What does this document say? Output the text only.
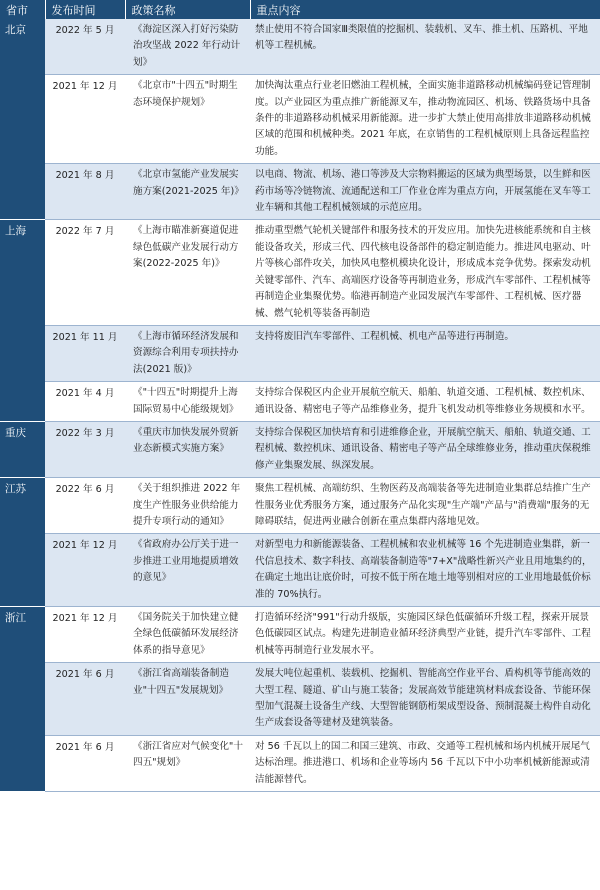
省市	发布时间	政策名称	重点内容
北京	2022 年 5 月	《海淀区深入打好污染防治攻坚战 2022 年行动计划》	禁止使用不符合国家Ⅲ类限值的挖掘机、装载机、叉车、推土机、压路机、平地机等工程机械。
	2021 年 12 月	《北京市"十四五"时期生态环境保护规划》	加快淘汰重点行业老旧燃油工程机械，全面实施非道路移动机械编码登记管理制度。以产业园区为重点推广新能源叉车，推动物流园区、机场、铁路货场中具备条件的非道路移动机械采用新能源。进一步扩大禁止使用高排放非道路移动机械区域的范围和机械种类。2021 年底，在京销售的工程机械原则上具备远程监控功能。
	2021 年 8 月	《北京市氢能产业发展实施方案(2021-2025 年)》	以电商、物流、机场、港口等涉及大宗物料搬运的区域为典型场景，以生鲜和医药市场等冷链物流、流通配送和工厂作业仓库为重点方向，开展氢能在叉车等工业车辆和其他工程机械领域的示范应用。
上海	2022 年 7 月	《上海市瞄准新赛道促进绿色低碳产业发展行动方案(2022-2025 年)》	推动重型燃气轮机关键部件和服务技术的开发应用。加快先进核能系统和自主核能设备攻关，形成三代、四代核电设备部件的稳定制造能力。推进风电驱动、叶片等核心部件攻关，加快风电整机模块化设计，形成成本竞争优势。探索发动机关键零部件、汽车、高端医疗设备等再制造业务，形成汽车零部件、工程机械等再制造企业集聚优势。临港再制造产业园发展汽车零部件、工程机械、医疗器械、燃气轮机等装备再制造
	2021 年 11 月	《上海市循环经济发展和资源综合利用专项扶持办法(2021 版)》	支持将废旧汽车零部件、工程机械、机电产品等进行再制造。
	2021 年 4 月	《"十四五"时期提升上海国际贸易中心能级规划》	支持综合保税区内企业开展航空航天、船舶、轨道交通、工程机械、数控机床、通讯设备、精密电子等产品维修业务，提升飞机发动机等维修业务规模和水平。
重庆	2022 年 3 月	《重庆市加快发展外贸新业态新模式实施方案》	支持综合保税区加快培育和引进维修企业，开展航空航天、船舶、轨道交通、工程机械、数控机床、通讯设备、精密电子等产品全球维修业务，推动重庆保税维修产业集聚发展、纵深发展。
江苏	2022 年 6 月	《关于组织推进 2022 年度生产性服务业供给能力提升专项行动的通知》	聚焦工程机械、高端纺织、生物医药及高端装备等先进制造业集群总结推广生产性服务业优秀服务方案，通过服务产品化实现"生产端"产品与"消费端"服务的无障碍联结，促进两业融合创新在重点集群内落地见效。
	2021 年 12 月	《省政府办公厅关于进一步推进工业用地提质增效的意见》	对新型电力和新能源装备、工程机械和农业机械等 16 个先进制造业集群，新一代信息技术、数字科技、高端装备制造等"7+X"战略性新兴产业且用地集约的，在确定土地出让底价时，可按不低于所在地土地等别相对应的工业用地最低价标准的 70%执行。
浙江	2021 年 12 月	《国务院关于加快建立健全绿色低碳循环发展经济体系的指导意见》	打造循环经济"991"行动升级版，实施园区绿色低碳循环升级工程，探索开展景色低碳园区试点。构建先进制造业循环经济典型产业链，提升汽车零部件、工程机械等再制造行业发展水平。
	2021 年 6 月	《浙江省高端装备制造业"十四五"发展规划》	发展大吨位起重机、装载机、挖掘机、智能高空作业平台、盾构机等节能高效的大型工程、隧道、矿山与施工装备；发展高效节能建筑材料成套设备、节能环保型加气混凝土设备生产线、大型智能钢筋桁架成型设备、预制混凝土构件自动化生产成套设备等建材及建筑装备。
	2021 年 6 月	《浙江省应对气候变化"十四五"规划》	对 56 千瓦以上的国二和国三建筑、市政、交通等工程机械和场内机械开展尾气达标治理。推进港口、机场和企业等场内 56 千瓦以下中小功率机械新能源或清洁能源替代。
